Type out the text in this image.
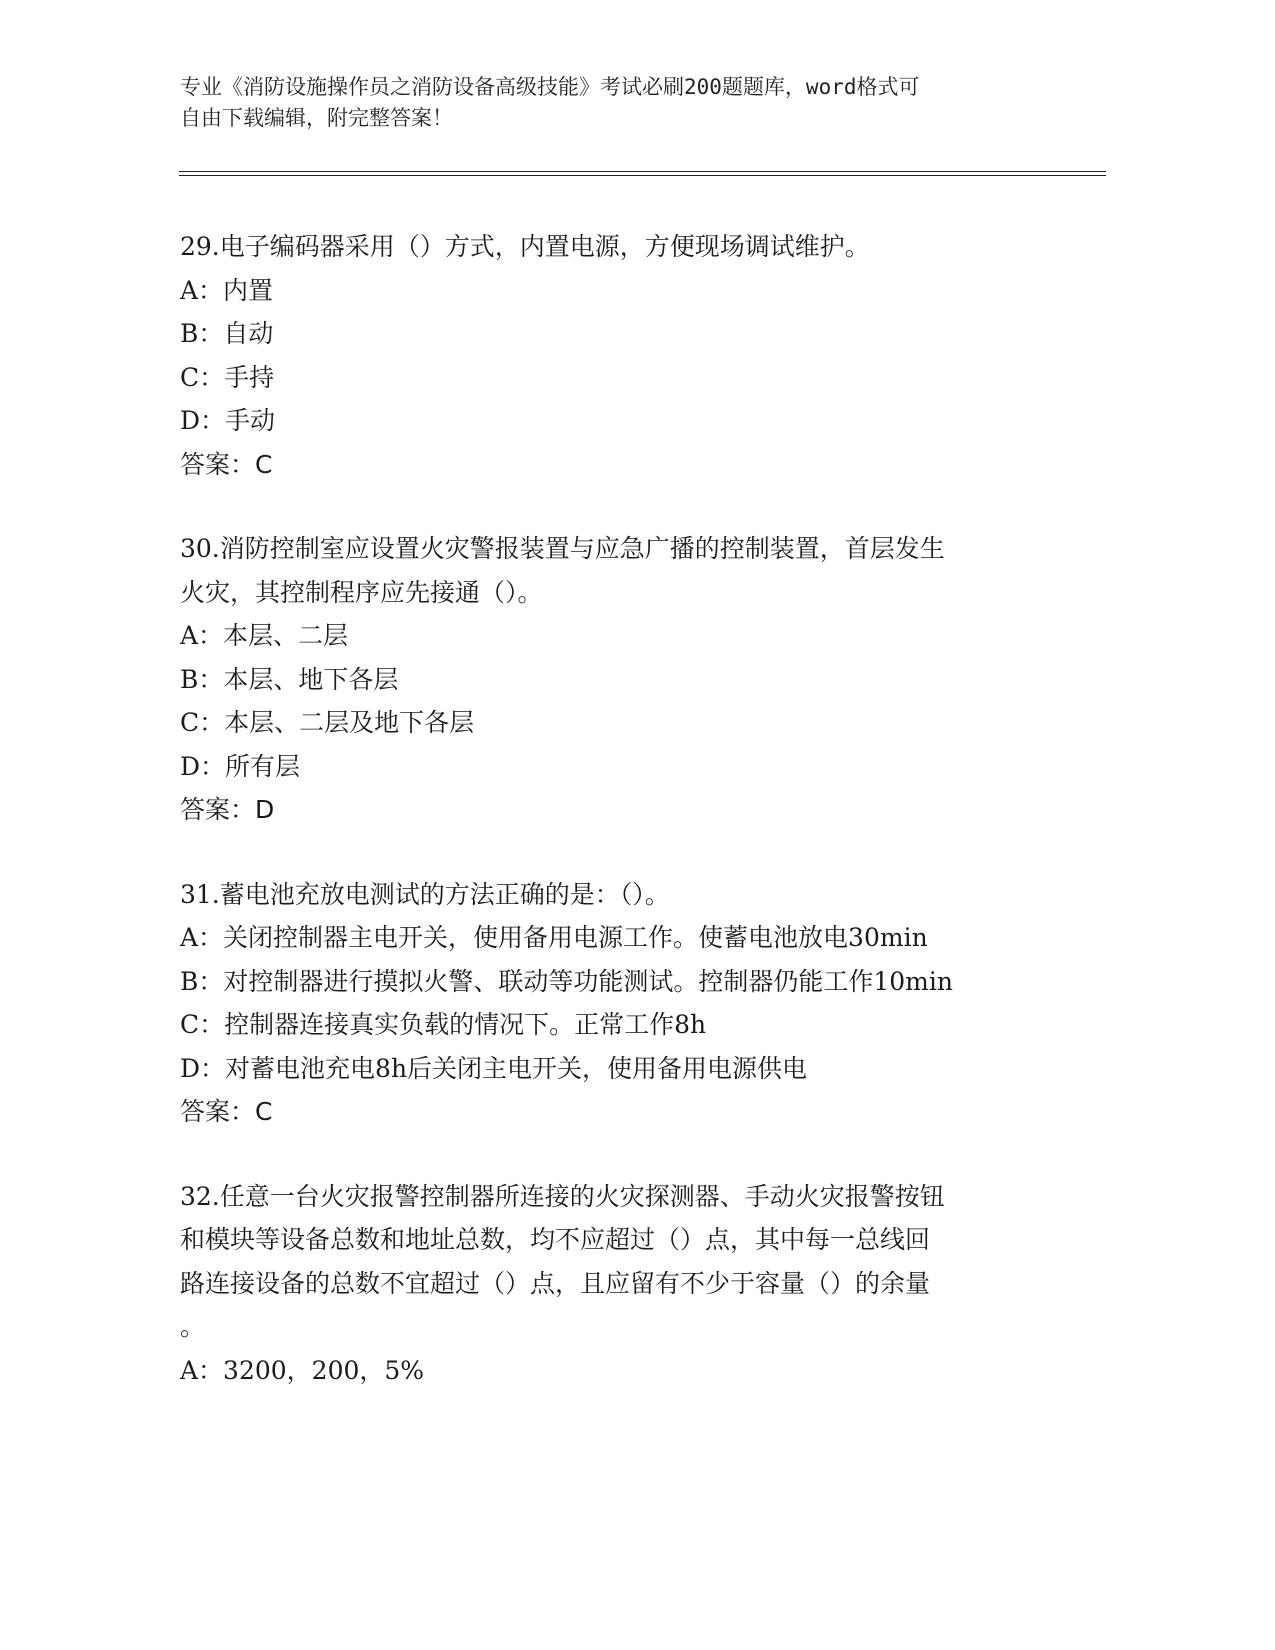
专业《消防设施操作员之消防设备高级技能》考试必刷200题题库，word格式可
自由下载编辑，附完整答案！
29.电子编码器采用（）方式，内置电源，方便现场调试维护。
A：内置
B：自动
C：手持
D：手动
答案：C
30.消防控制室应设置火灾警报装置与应急广播的控制装置，首层发生
火灾，其控制程序应先接通（）。
A：本层、二层
B：本层、地下各层
C：本层、二层及地下各层
D：所有层
答案：D
31.蓄电池充放电测试的方法正确的是：（）。
A：关闭控制器主电开关，使用备用电源工作。使蓄电池放电30min
B：对控制器进行摸拟火警、联动等功能测试。控制器仍能工作10min
C：控制器连接真实负载的情况下。正常工作8h
D：对蓄电池充电8h后关闭主电开关，使用备用电源供电
答案：C
32.任意一台火灾报警控制器所连接的火灾探测器、手动火灾报警按钮
和模块等设备总数和地址总数，均不应超过（）点，其中每一总线回
路连接设备的总数不宜超过（）点，且应留有不少于容量（）的余量
。
A：3200，200，5%
